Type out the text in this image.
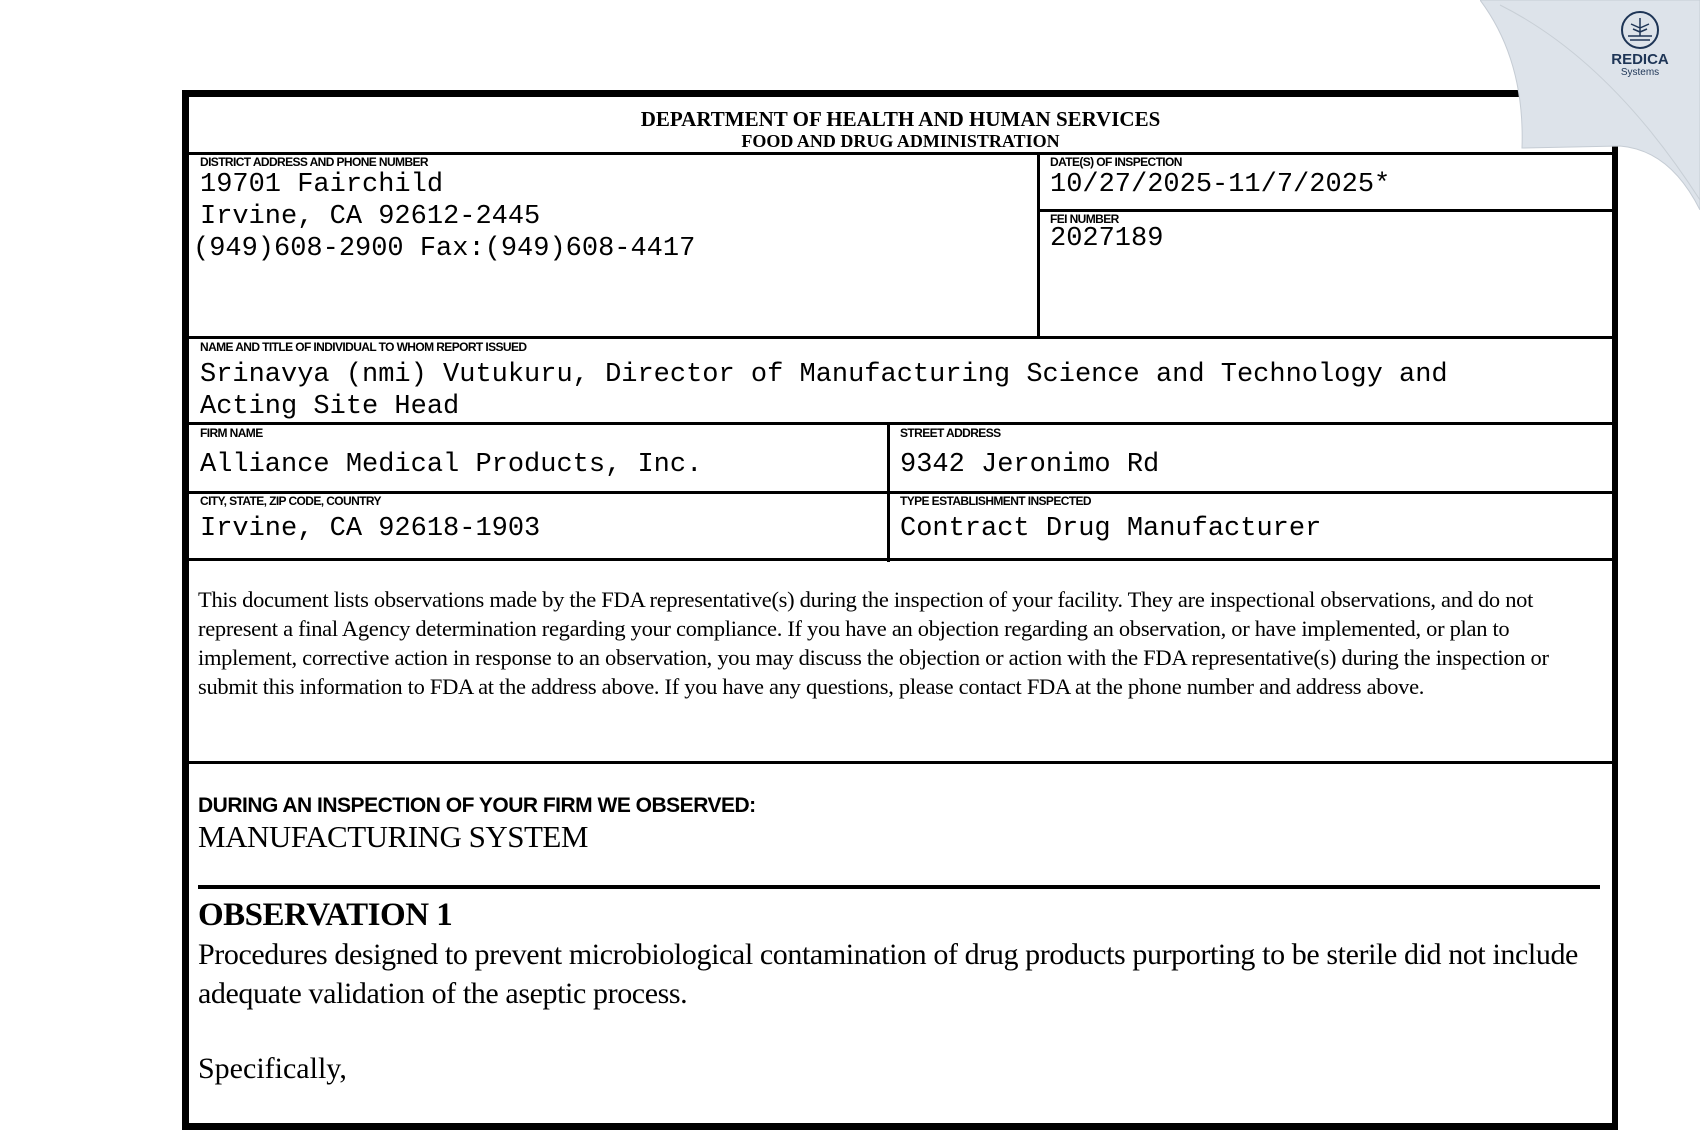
DEPARTMENT OF HEALTH AND HUMAN SERVICES
FOOD AND DRUG ADMINISTRATION
DISTRICT ADDRESS AND PHONE NUMBER
19701 Fairchild
Irvine, CA 92612-2445
(949)608-2900 Fax:(949)608-4417
DATE(S) OF INSPECTION
10/27/2025-11/7/2025*
FEI NUMBER
2027189
NAME AND TITLE OF INDIVIDUAL TO WHOM REPORT ISSUED
Srinavya (nmi) Vutukuru, Director of Manufacturing Science and Technology and
Acting Site Head
FIRM NAME
Alliance Medical Products, Inc.
STREET ADDRESS
9342 Jeronimo Rd
CITY, STATE, ZIP CODE, COUNTRY
Irvine, CA 92618-1903
TYPE ESTABLISHMENT INSPECTED
Contract Drug Manufacturer
This document lists observations made by the FDA representative(s) during the inspection of your facility. They are inspectional observations, and do not represent a final Agency determination regarding your compliance. If you have an objection regarding an observation, or have implemented, or plan to implement, corrective action in response to an observation, you may discuss the objection or action with the FDA representative(s) during the inspection or submit this information to FDA at the address above. If you have any questions, please contact FDA at the phone number and address above.
DURING AN INSPECTION OF YOUR FIRM WE OBSERVED:
MANUFACTURING SYSTEM
OBSERVATION 1
Procedures designed to prevent microbiological contamination of drug products purporting to be sterile did not include adequate validation of the aseptic process.
Specifically,
REDICA
Systems
